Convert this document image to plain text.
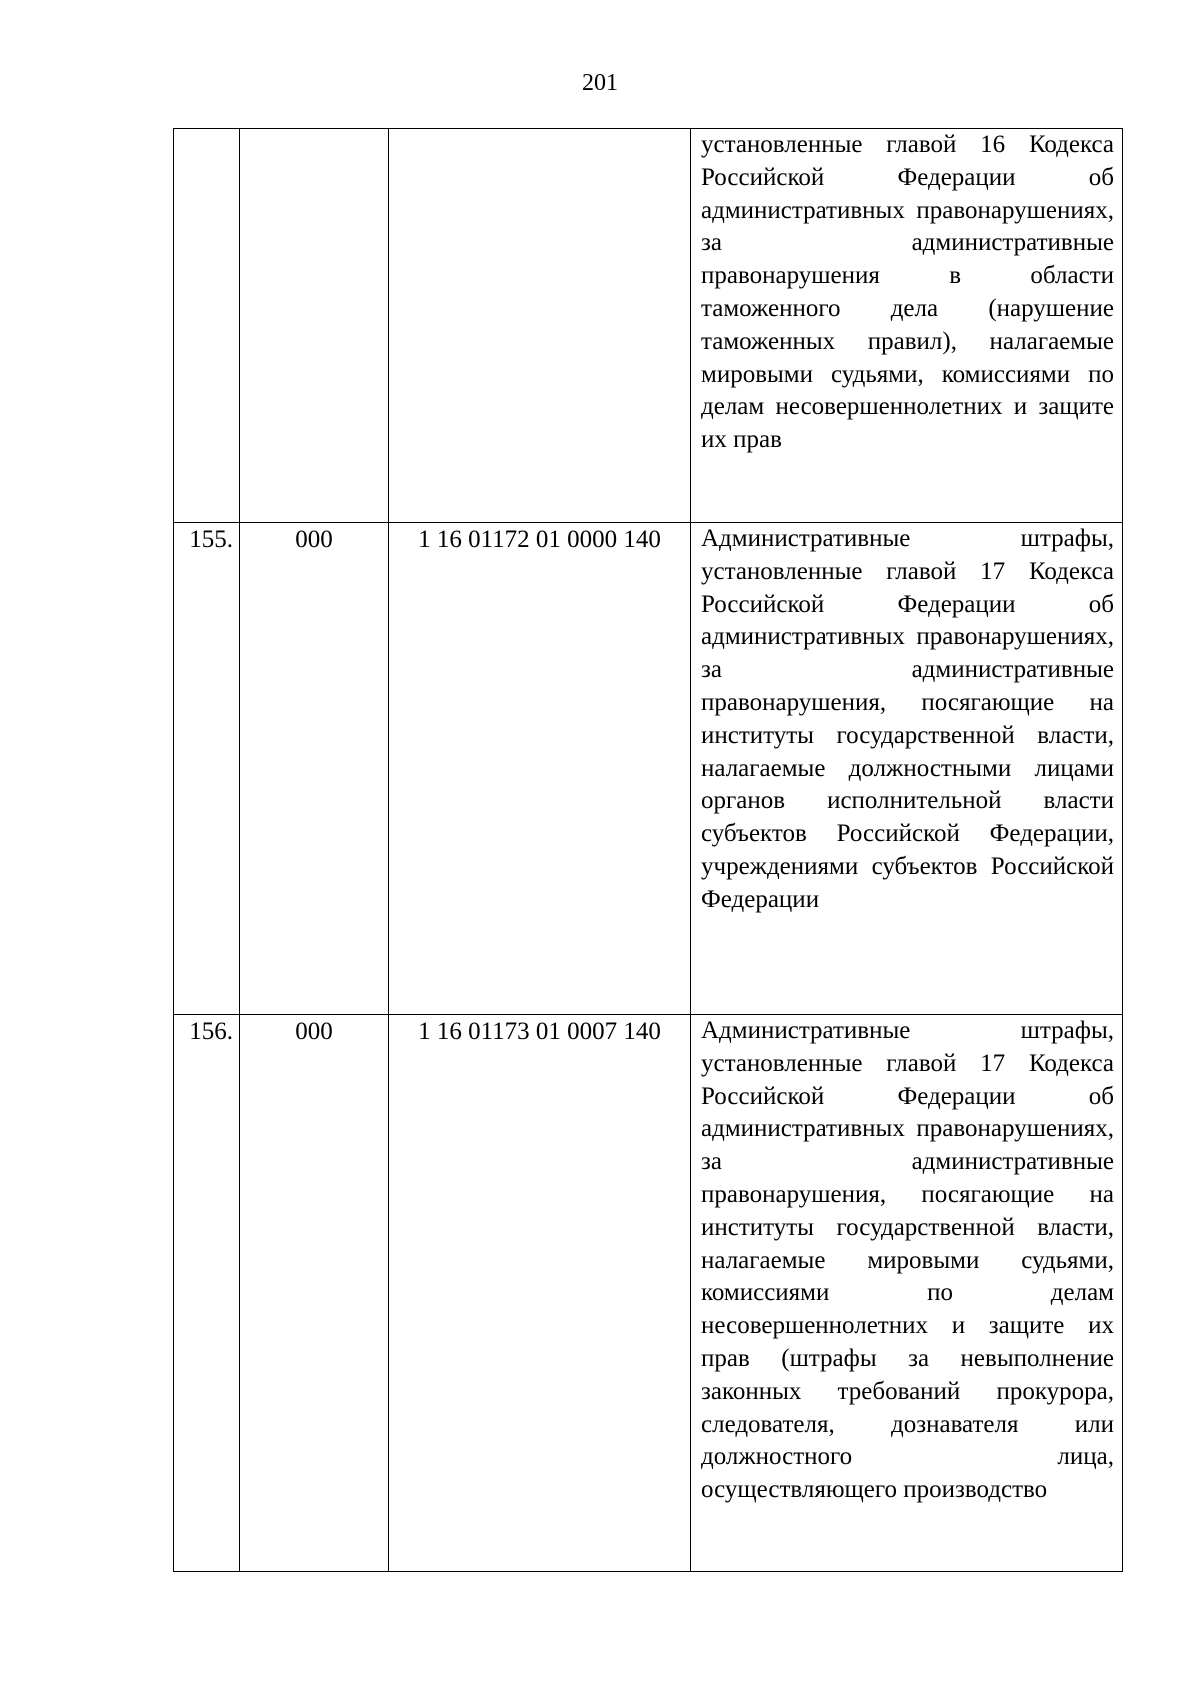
201

			установленные главой 16 Кодекса Российской Федерации об административных правонарушениях, за административные правонарушения в области таможенного дела (нарушение таможенных правил), налагаемые мировыми судьями, комиссиями по делам несовершеннолетних и защите их прав

155.	000	1 16 01172 01 0000 140	Административные штрафы, установленные главой 17 Кодекса Российской Федерации об административных правонарушениях, за административные правонарушения, посягающие на институты государственной власти, налагаемые должностными лицами органов исполнительной власти субъектов Российской Федерации, учреждениями субъектов Российской Федерации

156.	000	1 16 01173 01 0007 140	Административные штрафы, установленные главой 17 Кодекса Российской Федерации об административных правонарушениях, за административные правонарушения, посягающие на институты государственной власти, налагаемые мировыми судьями, комиссиями по делам несовершеннолетних и защите их прав (штрафы за невыполнение законных требований прокурора, следователя, дознавателя или должностного лица, осуществляющего производство
